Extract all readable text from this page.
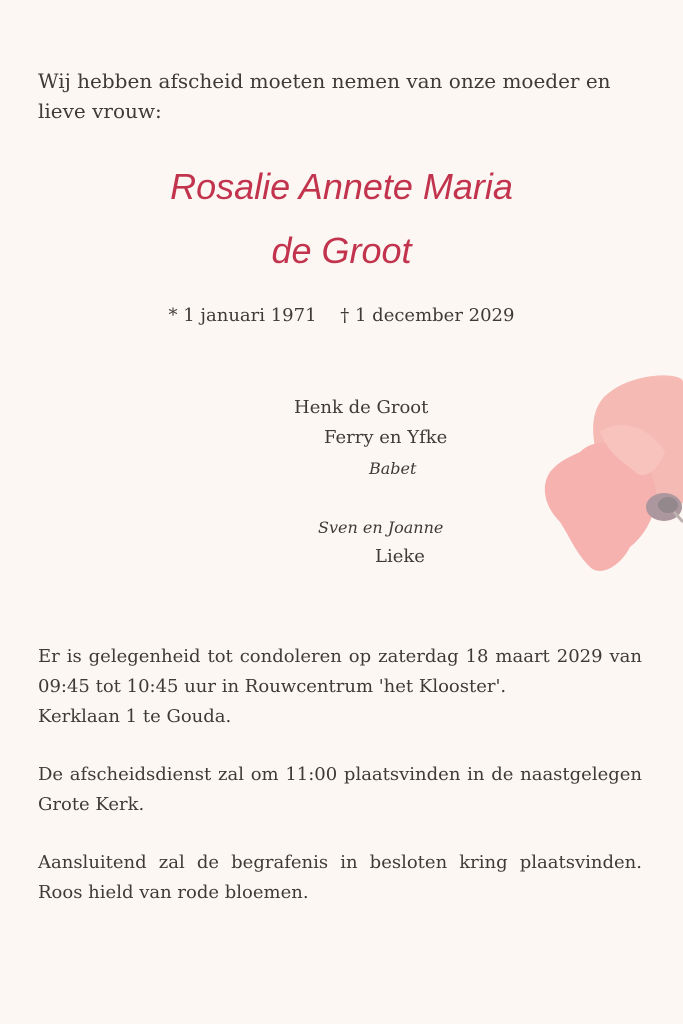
Wij hebben afscheid moeten nemen van onze moeder en lieve vrouw:
Rosalie Annete Maria
de Groot
* 1 januari 1971 † 1 december 2029
Henk de Groot
Ferry en Yfke
Babet
Sven en Joanne
Lieke
Er is gelegenheid tot condoleren op zaterdag 18 maart 2029 van 09:45 tot 10:45 uur in Rouwcentrum 'het Klooster'.
Kerklaan 1 te Gouda.
De afscheidsdienst zal om 11:00 plaatsvinden in de naastgelegen Grote Kerk.
Aansluitend zal de begrafenis in besloten kring plaatsvinden.
Roos hield van rode bloemen.
